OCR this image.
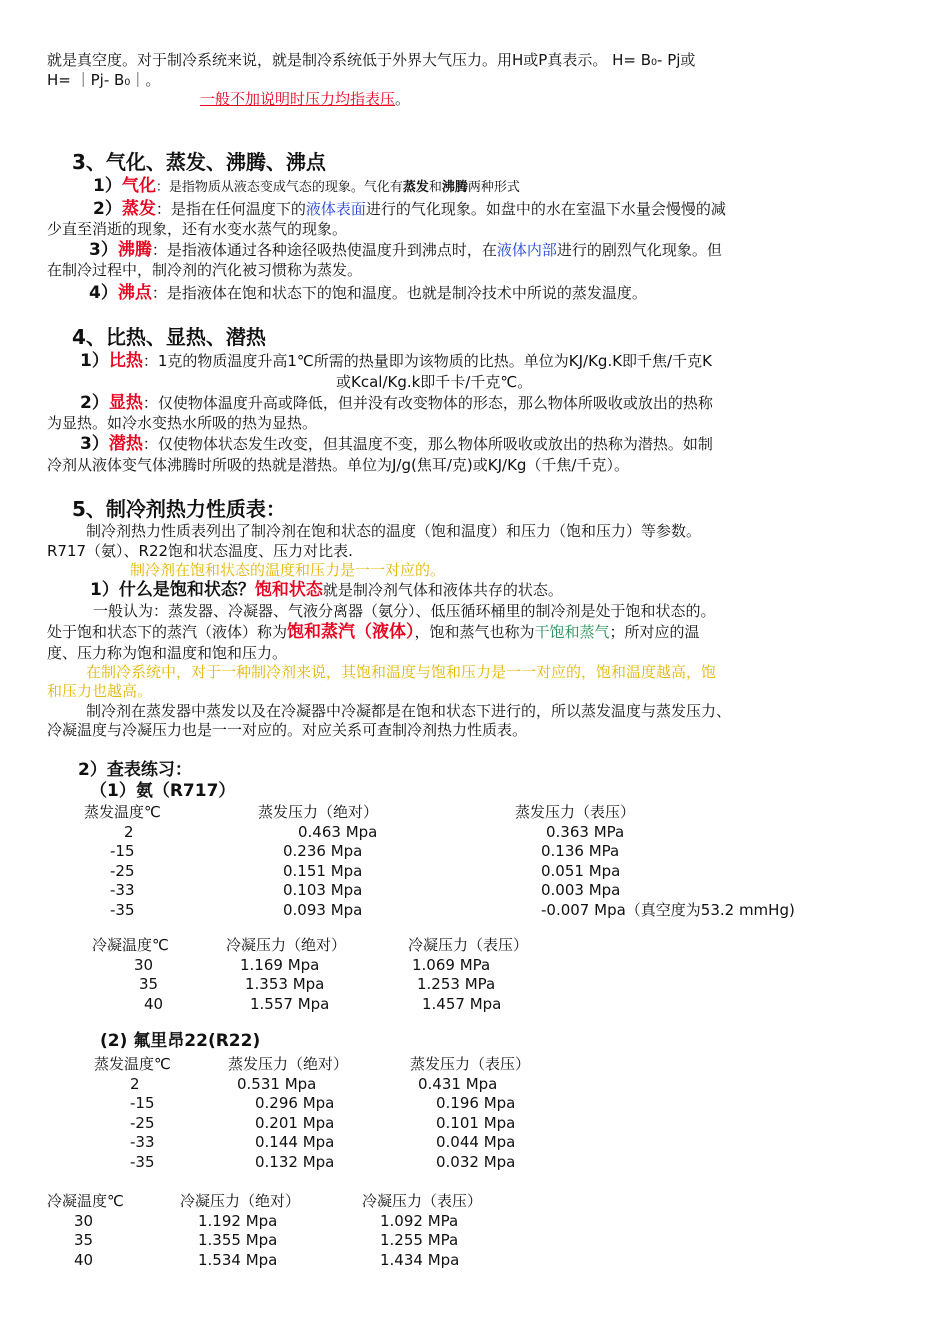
就是真空度。对于制冷系统来说，就是制冷系统低于外界大气压力。用H或P真表示。 H= B₀- Pj或
H= ｜Pj- B₀｜。
一般不加说明时压力均指表压。
3、气化、蒸发、沸腾、沸点
1）气化：是指物质从液态变成气态的现象。气化有蒸发和沸腾两种形式
2）蒸发：是指在任何温度下的液体表面进行的气化现象。如盘中的水在室温下水量会慢慢的减
少直至消逝的现象，还有水变水蒸气的现象。
3）沸腾：是指液体通过各种途径吸热使温度升到沸点时，在液体内部进行的剧烈气化现象。但
在制冷过程中，制冷剂的汽化被习惯称为蒸发。
4）沸点：是指液体在饱和状态下的饱和温度。也就是制冷技术中所说的蒸发温度。
4、比热、显热、潜热
1）比热：1克的物质温度升高1℃所需的热量即为该物质的比热。单位为KJ/Kg.K即千焦/千克K
或Kcal/Kg.k即千卡/千克℃。
2）显热：仅使物体温度升高或降低，但并没有改变物体的形态，那么物体所吸收或放出的热称
为显热。如冷水变热水所吸的热为显热。
3）潜热：仅使物体状态发生改变，但其温度不变，那么物体所吸收或放出的热称为潜热。如制
冷剂从液体变气体沸腾时所吸的热就是潜热。单位为J/g(焦耳/克)或KJ/Kg（千焦/千克）。
5、制冷剂热力性质表：
制冷剂热力性质表列出了制冷剂在饱和状态的温度（饱和温度）和压力（饱和压力）等参数。
R717（氨）、R22饱和状态温度、压力对比表.
制冷剂在饱和状态的温度和压力是一一对应的。
1）什么是饱和状态？饱和状态就是制冷剂气体和液体共存的状态。
一般认为：蒸发器、冷凝器、气液分离器（氨分）、低压循环桶里的制冷剂是处于饱和状态的。
处于饱和状态下的蒸汽（液体）称为饱和蒸汽（液体），饱和蒸气也称为干饱和蒸气；所对应的温
度、压力称为饱和温度和饱和压力。
在制冷系统中，对于一种制冷剂来说，其饱和温度与饱和压力是一一对应的，饱和温度越高，饱
和压力也越高。
制冷剂在蒸发器中蒸发以及在冷凝器中冷凝都是在饱和状态下进行的，所以蒸发温度与蒸发压力、
冷凝温度与冷凝压力也是一一对应的。对应关系可查制冷剂热力性质表。
2）查表练习：
（1）氨（R717）
蒸发温度℃	蒸发压力（绝对）	蒸发压力（表压）
2	0.463 Mpa	0.363 MPa
-15	0.236 Mpa	0.136 MPa
-25	0.151 Mpa	0.051 Mpa
-33	0.103 Mpa	0.003 Mpa
-35	0.093 Mpa	-0.007 Mpa（真空度为53.2 mmHg)
冷凝温度℃	冷凝压力（绝对）	冷凝压力（表压）
30	1.169 Mpa	1.069 MPa
35	1.353 Mpa	1.253 MPa
40	1.557 Mpa	1.457 Mpa
(2) 氟里昂22(R22)
蒸发温度℃	蒸发压力（绝对）	蒸发压力（表压）
2	0.531 Mpa	0.431 Mpa
-15	0.296 Mpa	0.196 Mpa
-25	0.201 Mpa	0.101 Mpa
-33	0.144 Mpa	0.044 Mpa
-35	0.132 Mpa	0.032 Mpa
冷凝温度℃	冷凝压力（绝对）	冷凝压力（表压）
30	1.192 Mpa	1.092 MPa
35	1.355 Mpa	1.255 MPa
40	1.534 Mpa	1.434 Mpa
